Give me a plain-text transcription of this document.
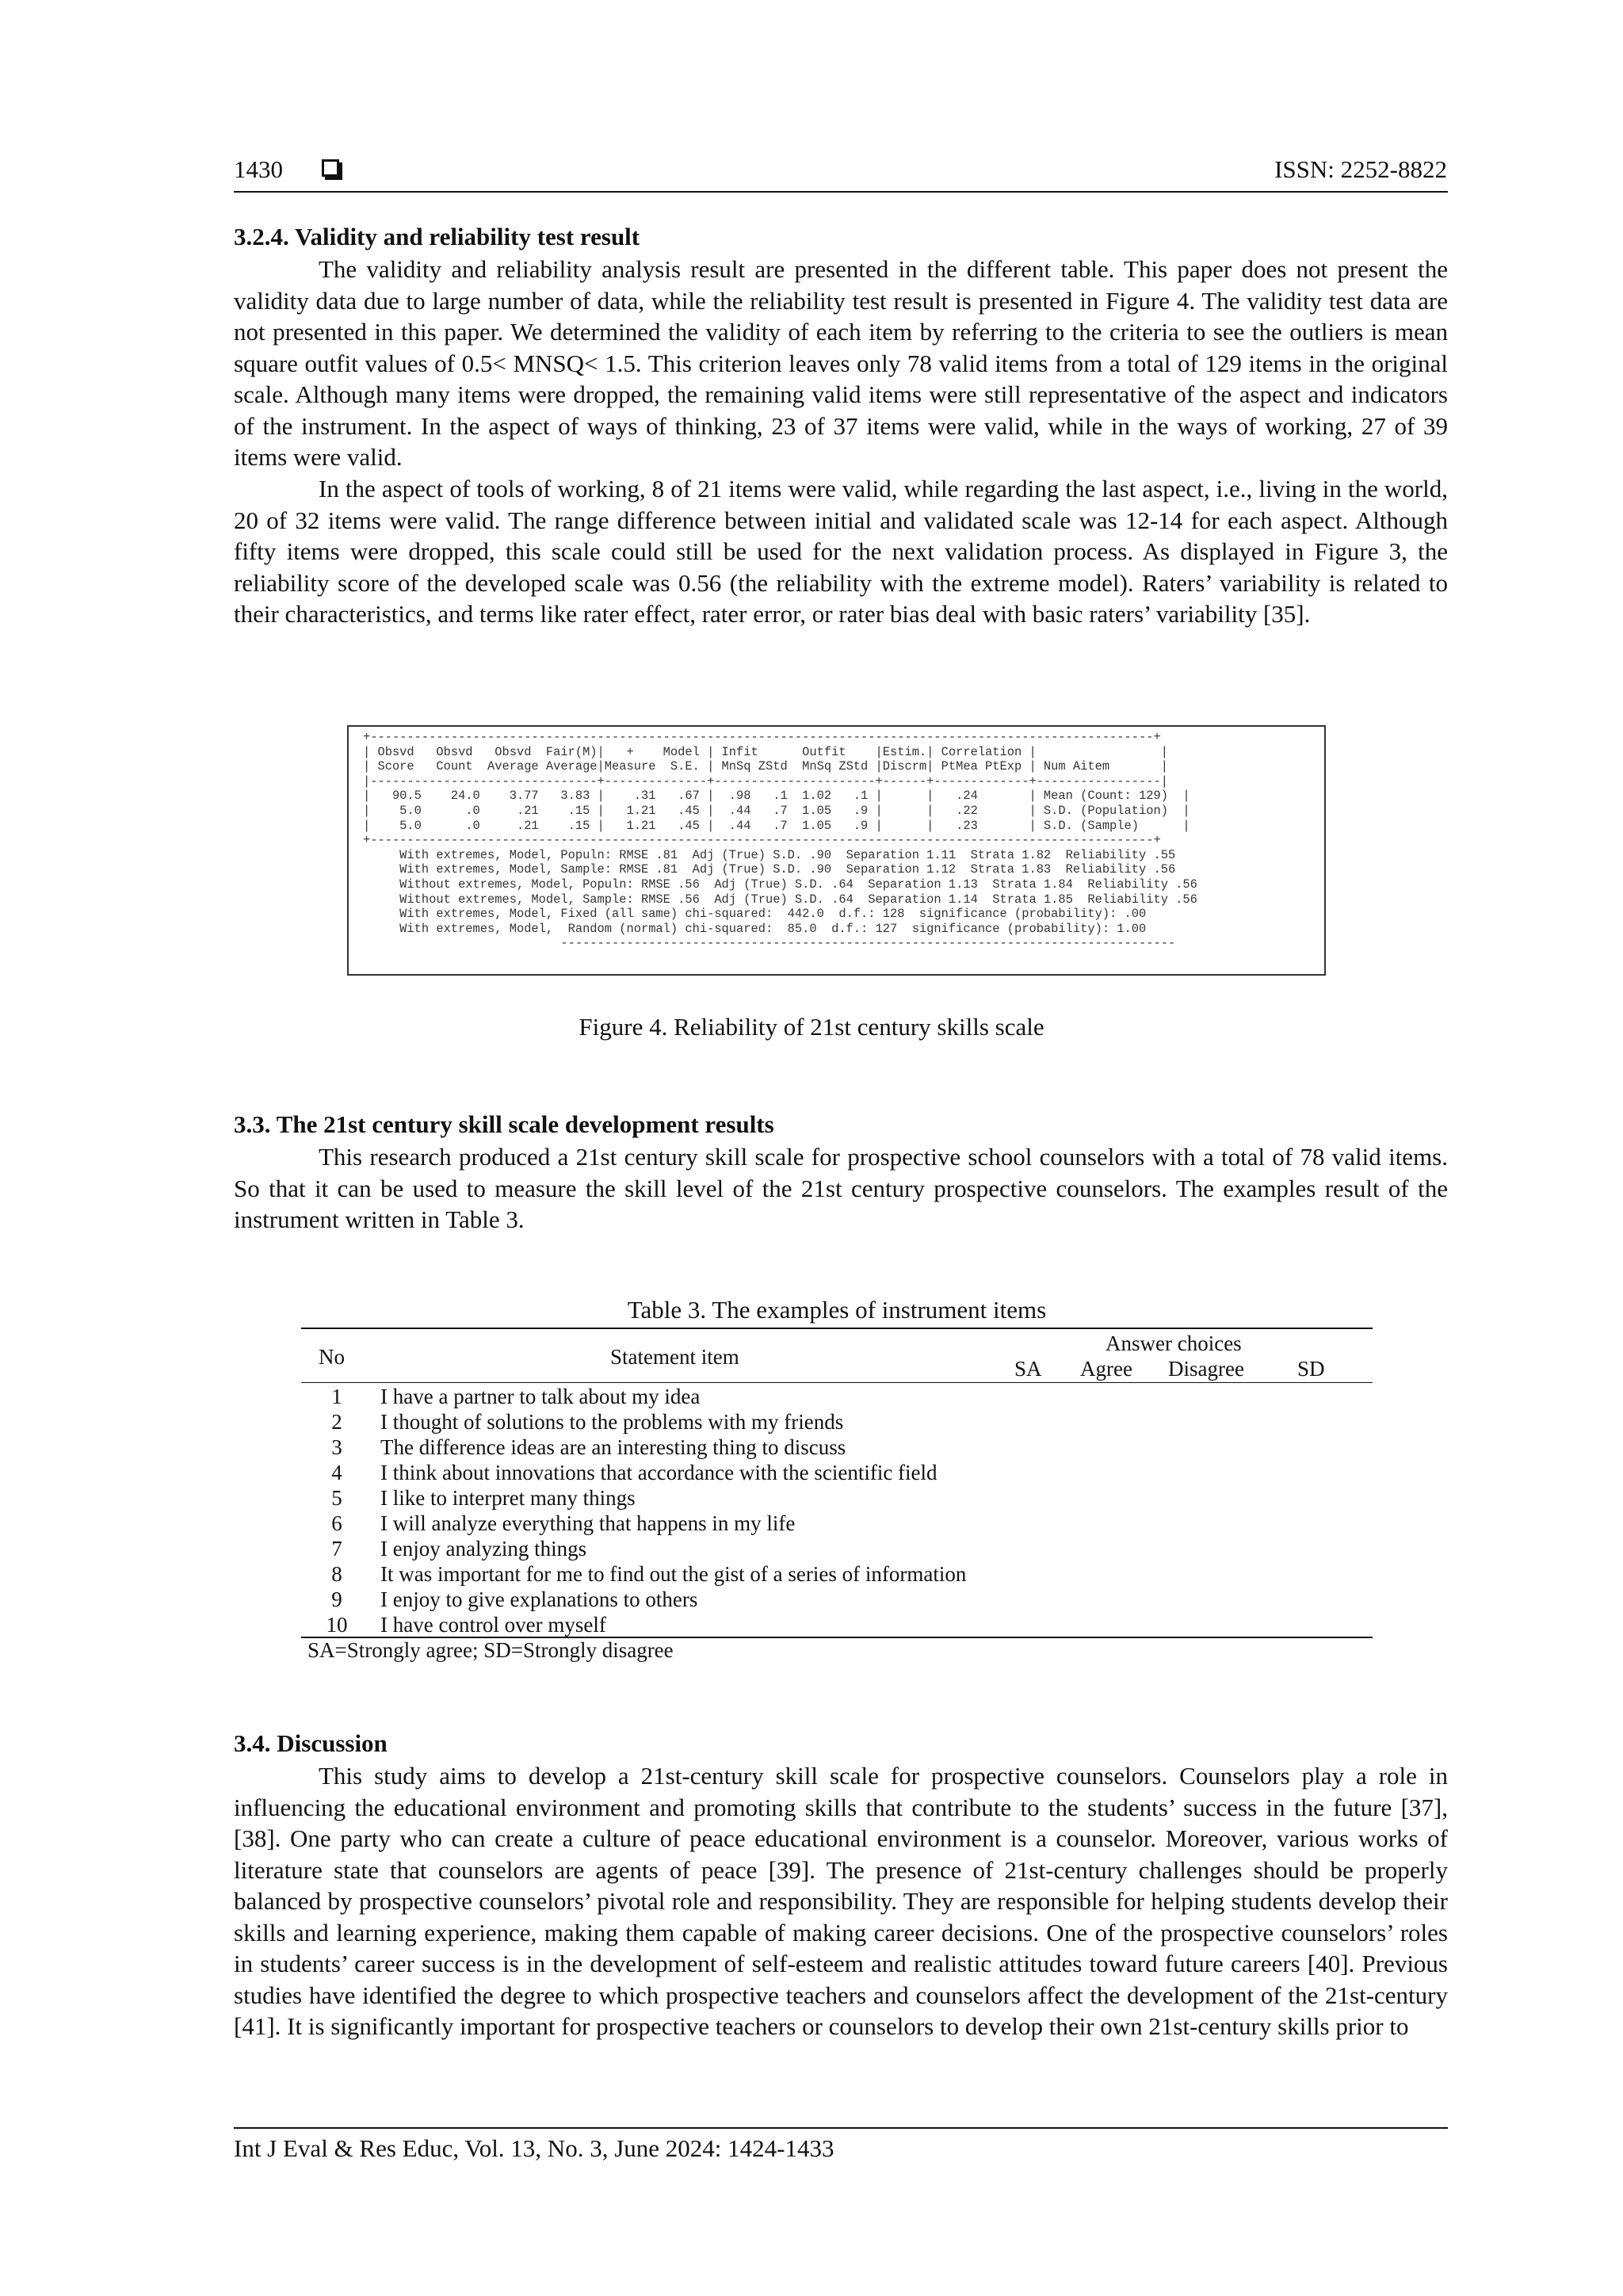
1430	ISSN: 2252-8822
3.2.4. Validity and reliability test result

The validity and reliability analysis result are presented in the different table. This paper does not present the validity data due to large number of data, while the reliability test result is presented in Figure 4. The validity test data are not presented in this paper. We determined the validity of each item by referring to the criteria to see the outliers is mean square outfit values of 0.5< MNSQ< 1.5. This criterion leaves only 78 valid items from a total of 129 items in the original scale. Although many items were dropped, the remaining valid items were still representative of the aspect and indicators of the instrument. In the aspect of ways of thinking, 23 of 37 items were valid, while in the ways of working, 27 of 39 items were valid.

In the aspect of tools of working, 8 of 21 items were valid, while regarding the last aspect, i.e., living in the world, 20 of 32 items were valid. The range difference between initial and validated scale was 12-14 for each aspect. Although fifty items were dropped, this scale could still be used for the next validation process. As displayed in Figure 3, the reliability score of the developed scale was 0.56 (the reliability with the extreme model). Raters’ variability is related to their characteristics, and terms like rater effect, rater error, or rater bias deal with basic raters’ variability [35].

+-----------------------------------------------------------------------------------------------------------+
| Obsvd   Obsvd   Obsvd  Fair(M)|   +    Model | Infit      Outfit    |Estim.| Correlation |                 |
| Score   Count  Average Average|Measure  S.E. | MnSq ZStd  MnSq ZStd |Discrm| PtMea PtExp | Num Aitem       |
|-------------------------------+--------------+----------------------+------+-------------+-----------------|
|   90.5    24.0    3.77   3.83 |    .31   .67 |  .98   .1  1.02   .1 |      |   .24       | Mean (Count: 129)  |
|    5.0      .0     .21    .15 |   1.21   .45 |  .44   .7  1.05   .9 |      |   .22       | S.D. (Population)  |
|    5.0      .0     .21    .15 |   1.21   .45 |  .44   .7  1.05   .9 |      |   .23       | S.D. (Sample)      |
+-----------------------------------------------------------------------------------------------------------+
With extremes, Model, Populn: RMSE .81  Adj (True) S.D. .90  Separation 1.11  Strata 1.82  Reliability .55
With extremes, Model, Sample: RMSE .81  Adj (True) S.D. .90  Separation 1.12  Strata 1.83  Reliability .56
Without extremes, Model, Populn: RMSE .56  Adj (True) S.D. .64  Separation 1.13  Strata 1.84  Reliability .56
Without extremes, Model, Sample: RMSE .56  Adj (True) S.D. .64  Separation 1.14  Strata 1.85  Reliability .56
With extremes, Model, Fixed (all same) chi-squared:  442.0  d.f.: 128  significance (probability): .00
With extremes, Model,  Random (normal) chi-squared:  85.0  d.f.: 127  significance (probability): 1.00
------------------------------------------------------------------------------------
Figure 4. Reliability of 21st century skills scale
3.3. The 21st century skill scale development results

This research produced a 21st century skill scale for prospective school counselors with a total of 78 valid items. So that it can be used to measure the skill level of the 21st century prospective counselors. The examples result of the instrument written in Table 3.

Table 3. The examples of instrument items
No	Statement item
Answer choices
SA Agree Disagree SD
1	I have a partner to talk about my idea
2	I thought of solutions to the problems with my friends
3	The difference ideas are an interesting thing to discuss
4	I think about innovations that accordance with the scientific field
5	I like to interpret many things
6	I will analyze everything that happens in my life
7	I enjoy analyzing things
8	It was important for me to find out the gist of a series of information
9	I enjoy to give explanations to others
10	I have control over myself
SA=Strongly agree; SD=Strongly disagree
3.4. Discussion

This study aims to develop a 21st-century skill scale for prospective counselors. Counselors play a role in influencing the educational environment and promoting skills that contribute to the students’ success in the future [37], [38]. One party who can create a culture of peace educational environment is a counselor. Moreover, various works of literature state that counselors are agents of peace [39]. The presence of 21st-century challenges should be properly balanced by prospective counselors’ pivotal role and responsibility. They are responsible for helping students develop their skills and learning experience, making them capable of making career decisions. One of the prospective counselors’ roles in students’ career success is in the development of self-esteem and realistic attitudes toward future careers [40]. Previous studies have identified the degree to which prospective teachers and counselors affect the development of the 21st-century [41]. It is significantly important for prospective teachers or counselors to develop their own 21st-century skills prior to

Int J Eval & Res Educ, Vol. 13, No. 3, June 2024: 1424-1433
